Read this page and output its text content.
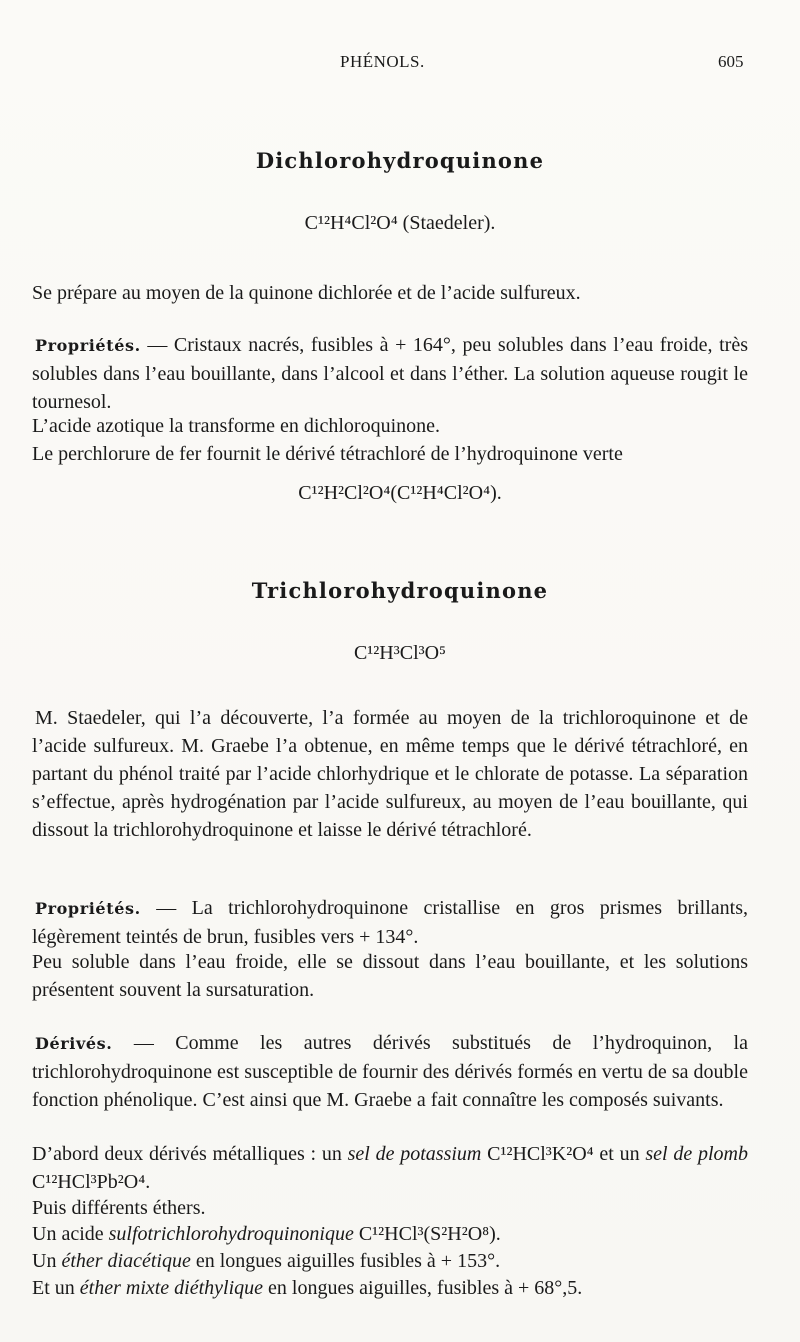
PHÉNOLS.	605
Dichlorohydroquinone
C¹²H⁴Cl²O⁴ (Staedeler).
Se prépare au moyen de la quinone dichlorée et de l’acide sulfureux.
Propriétés. — Cristaux nacrés, fusibles à + 164°, peu solubles dans l’eau froide, très solubles dans l’eau bouillante, dans l’alcool et dans l’éther. La solution aqueuse rougit le tournesol.
L’acide azotique la transforme en dichloroquinone.
Le perchlorure de fer fournit le dérivé tétrachloré de l’hydroquinone verte
C¹²H²Cl²O⁴(C¹²H⁴Cl²O⁴).
Trichlorohydroquinone
C¹²H³Cl³O⁵
M. Staedeler, qui l’a découverte, l’a formée au moyen de la trichloroquinone et de l’acide sulfureux. M. Graebe l’a obtenue, en même temps que le dérivé tétrachloré, en partant du phénol traité par l’acide chlorhydrique et le chlorate de potasse. La séparation s’effectue, après hydrogénation par l’acide sulfureux, au moyen de l’eau bouillante, qui dissout la trichlorohydroquinone et laisse le dérivé tétrachloré.
Propriétés. — La trichlorohydroquinone cristallise en gros prismes brillants, légèrement teintés de brun, fusibles vers + 134°.
Peu soluble dans l’eau froide, elle se dissout dans l’eau bouillante, et les solutions présentent souvent la sursaturation.
Dérivés. — Comme les autres dérivés substitués de l’hydroquinon, la trichlorohydroquinone est susceptible de fournir des dérivés formés en vertu de sa double fonction phénolique. C’est ainsi que M. Graebe a fait connaître les composés suivants.
D’abord deux dérivés métalliques : un sel de potassium C¹²HCl³K²O⁴ et un sel de plomb C¹²HCl³Pb²O⁴.
Puis différents éthers.
Un acide sulfotrichlorohydroquinonique C¹²HCl³(S²H²O⁸).
Un éther diacétique en longues aiguilles fusibles à + 153°.
Et un éther mixte diéthylique en longues aiguilles, fusibles à + 68°,5.
